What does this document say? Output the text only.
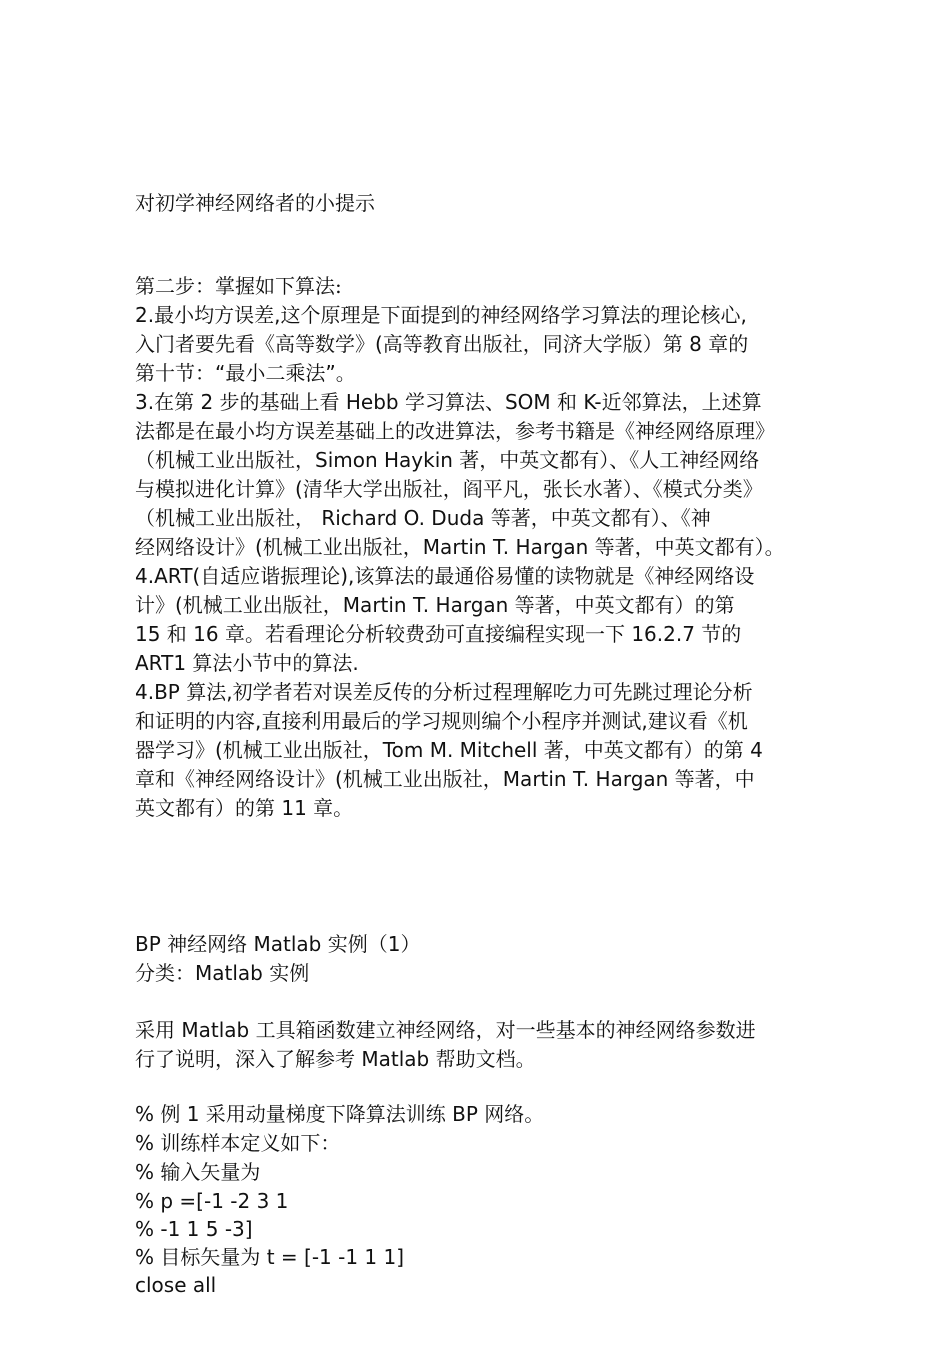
对初学神经网络者的小提示
第二步：掌握如下算法:
2.最小均方误差,这个原理是下面提到的神经网络学习算法的理论核心,
入门者要先看《高等数学》(高等教育出版社，同济大学版）第 8 章的
第十节：“最小二乘法”。
3.在第 2 步的基础上看 Hebb 学习算法、SOM 和 K-近邻算法，上述算
法都是在最小均方误差基础上的改进算法，参考书籍是《神经网络原理》
（机械工业出版社，Simon Haykin 著，中英文都有）、《人工神经网络
与模拟进化计算》(清华大学出版社，阎平凡，张长水著）、《模式分类》
（机械工业出版社， Richard O. Duda 等著，中英文都有）、《神
经网络设计》(机械工业出版社，Martin T. Hargan 等著，中英文都有）。
4.ART(自适应谐振理论),该算法的最通俗易懂的读物就是《神经网络设
计》(机械工业出版社，Martin T. Hargan 等著，中英文都有）的第
15 和 16 章。若看理论分析较费劲可直接编程实现一下 16.2.7 节的
ART1 算法小节中的算法.
4.BP 算法,初学者若对误差反传的分析过程理解吃力可先跳过理论分析
和证明的内容,直接利用最后的学习规则编个小程序并测试,建议看《机
器学习》(机械工业出版社，Tom M. Mitchell 著，中英文都有）的第 4
章和《神经网络设计》(机械工业出版社，Martin T. Hargan 等著，中
英文都有）的第 11 章。
BP 神经网络 Matlab 实例（1）
分类：Matlab 实例
采用 Matlab 工具箱函数建立神经网络，对一些基本的神经网络参数进
行了说明，深入了解参考 Matlab 帮助文档。
% 例 1 采用动量梯度下降算法训练 BP 网络。
% 训练样本定义如下：
% 输入矢量为
% p =[-1 -2 3 1
% -1 1 5 -3]
% 目标矢量为 t = [-1 -1 1 1]
close all
